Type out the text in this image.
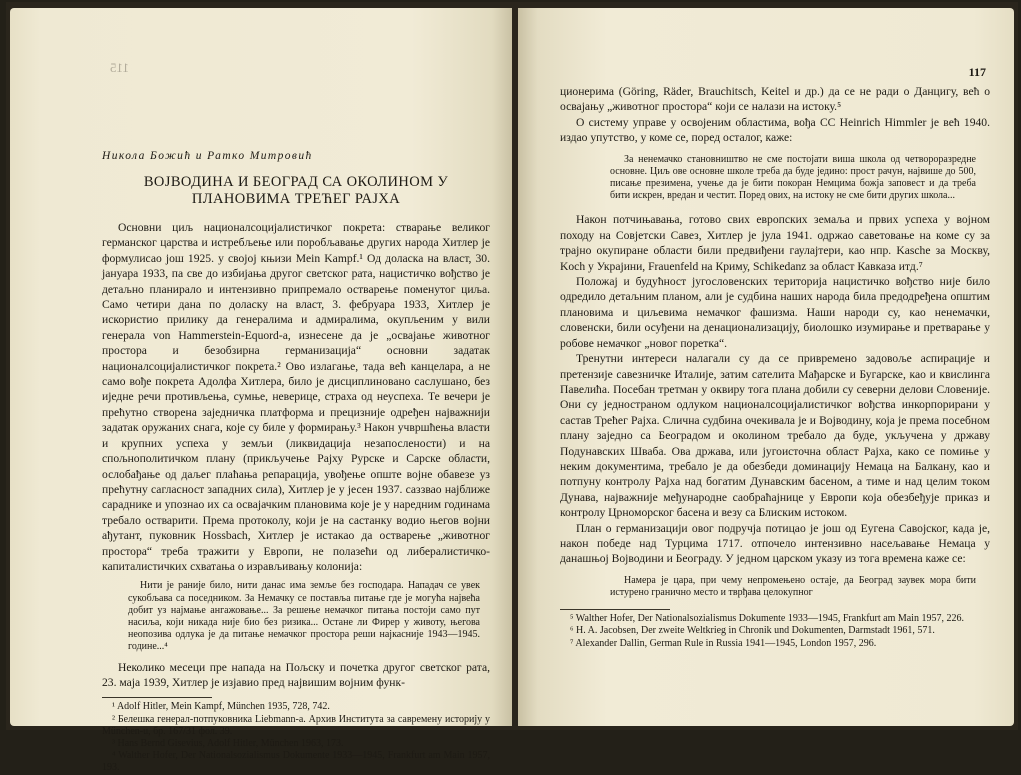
115
Никола Божић и Ратко Митровић
ВОЈВОДИНА И БЕОГРАД СА ОКОЛИНОМ У
ПЛАНОВИМА ТРЕЋЕГ РАЈХА

Основни циљ националсоцијалистичког покрета: стварање великог германског царства и истребљење или поробљавање других народа Хитлер је формулисао још 1925. у својој књизи Mein Kampf.¹ Од доласка на власт, 30. јануара 1933, па све до избијања другог светског рата, нацистичко вођство је детаљно планирало и интензивно припремало остварење поменутог циља. Само четири дана по доласку на власт, 3. фебруара 1933, Хитлер је искористио прилику да генералима и адмиралима, окупљеним у вили генерала von Hammerstein-Equord-a, изнесене да је „освајање животног простора и безобзирна германизација“ основни задатак националсоцијалистичког покрета.² Ово излагање, тада већ канцелара, а не само вође покрета Адолфа Хитлера, било је дисциплиновано саслушано, без иједне речи противљења, сумње, неверице, страха од неуспеха. Те вечери је прећутно створена заједничка платформа и прецизније одређен најважнији задатак оружаних снага, које су биле у формирању.³ Након учвршћења власти и крупних успеха у земљи (ликвидација незапослености) и на спољнополитичком плану (прикључење Рајху Рурске и Сарске области, ослобађање од даљег плаћања репарација, увођење опште војне обавезе уз прећутну сагласност западних сила), Хитлер је у јесен 1937. саззвао најближе сараднике и упознао их са освајачким плановима које је у наредним годинама требало остварити. Према протоколу, који је на састанку водио његов војни ађутант, пуковник Hossbach, Хитлер је истакао да остварење „животног простора“ треба тражити у Европи, не полазећи од либералистичко-капиталистичких схватања о изрављивању колонија:

Нити је раније било, нити данас има земље без господара. Нападач се увек сукобљава са поседником. За Немачку се поставља питање где је могућа највећа добит уз најмање ангажовање... За решење немачког питања постоји само пут насиља, који никада није био без ризика... Остане ли Фирер у животу, његова неопозива одлука је да питање немачког простора реши најкасније 1943—1945. године...⁴

Неколико месеци пре напада на Пољску и почетка другог светског рата, 23. маја 1939, Хитлер је изјавио пред највишим војним функ-

¹ Adolf Hitler, Mein Kampf, München 1935, 728, 742.

² Белешка генерал-потпуковника Liebmann-a. Архив Института за савремену историју у München-u, бр. 167/31 фол. 39.

³ Hans Bernd Gisevius, Adolf Hitler, München 1963, 173.

⁴ Walther Hofer, Der Nationalsozialismus Dokumente 1933—1945, Frankfurt am Main 1957, 193.

117

ционерима (Göring, Räder, Brauchitsch, Keitel и др.) да се не ради о Данцигу, већ о освајању „животног простора“ који се налази на истоку.⁵

О систему управе у освојеним областима, вођа СС Heinrich Himmler је већ 1940. издао упутство, у коме се, поред осталог, каже:

За ненемачко становништво не сме постојати виша школа од четвороразредне основне. Циљ ове основне школе треба да буде једино: прост рачун, највише до 500, писање презимена, учење да је бити покоран Немцима божја заповест и да треба бити искрен, вредан и честит. Поред овиx, на истоку не сме бити других школа...

Након потчињавања, готово свих европских земаља и првих успеха у војном походу на Совјетски Савез, Хитлер је јула 1941. одржао саветовање на коме су за трајно окупиране области били предвиђени гаулајтери, као нпр. Kasche за Москву, Koch у Украјини, Frauenfeld на Криму, Schikedanz за област Кавказа итд.⁷

Положај и будућност југословенских територија нацистичко вођство није било одредило детаљним планом, али је судбина наших народа била предодређена општим плановима и циљевима немачког фашизма. Наши народи су, као ненемачки, словенски, били осуђени на денационализацију, биолошко изумирање и претварање у робове немачког „новог поретка“.

Тренутни интереси налагали су да се привремено задовоље аспирације и претензије савезничке Италије, затим сателита Мађарске и Бугарске, као и квислинга Павелића. Посебан третман у оквиру тога плана добили су северни делови Словеније. Они су једностраном одлуком националсоцијалистичког вођства инкорпорирани у састав Трећег Рајха. Слична судбина очекивала је и Војводину, која је према посебном плану заједно са Београдом и околином требало да буде, укључена у државу Подунавских Шваба. Ова држава, или југоисточна област Рајха, како се помиње у неким документима, требало је да обезбеди доминацију Немаца на Балкану, као и потпуну контролу Рајха над богатим Дунавским басеном, а тиме и над целим током Дунава, најважније међународне саобраћајнице у Европи која обезбеђује приказ и контролу Црноморског басена и везу са Блиским истоком.

План о германизацији овог подручја потицао је још од Еугена Савојског, када је, након победе над Турцима 1717. отпочело интензивно насељавање Немаца у данашњој Војводини и Београду. У једном царском указу из тога времена каже се:

Намера је цара, при чему непромењено остаје, да Београд заувек мора бити истурено гранично место и тврђава целокупног

⁵ Walther Hofer, Der Nationalsozialismus Dokumente 1933—1945, Frankfurt am Main 1957, 226.

⁶ H. A. Jacobsen, Der zweite Weltkrieg in Chronik und Dokumenten, Darmstadt 1961, 571.

⁷ Alexander Dallin, German Rule in Russia 1941—1945, London 1957, 296.
